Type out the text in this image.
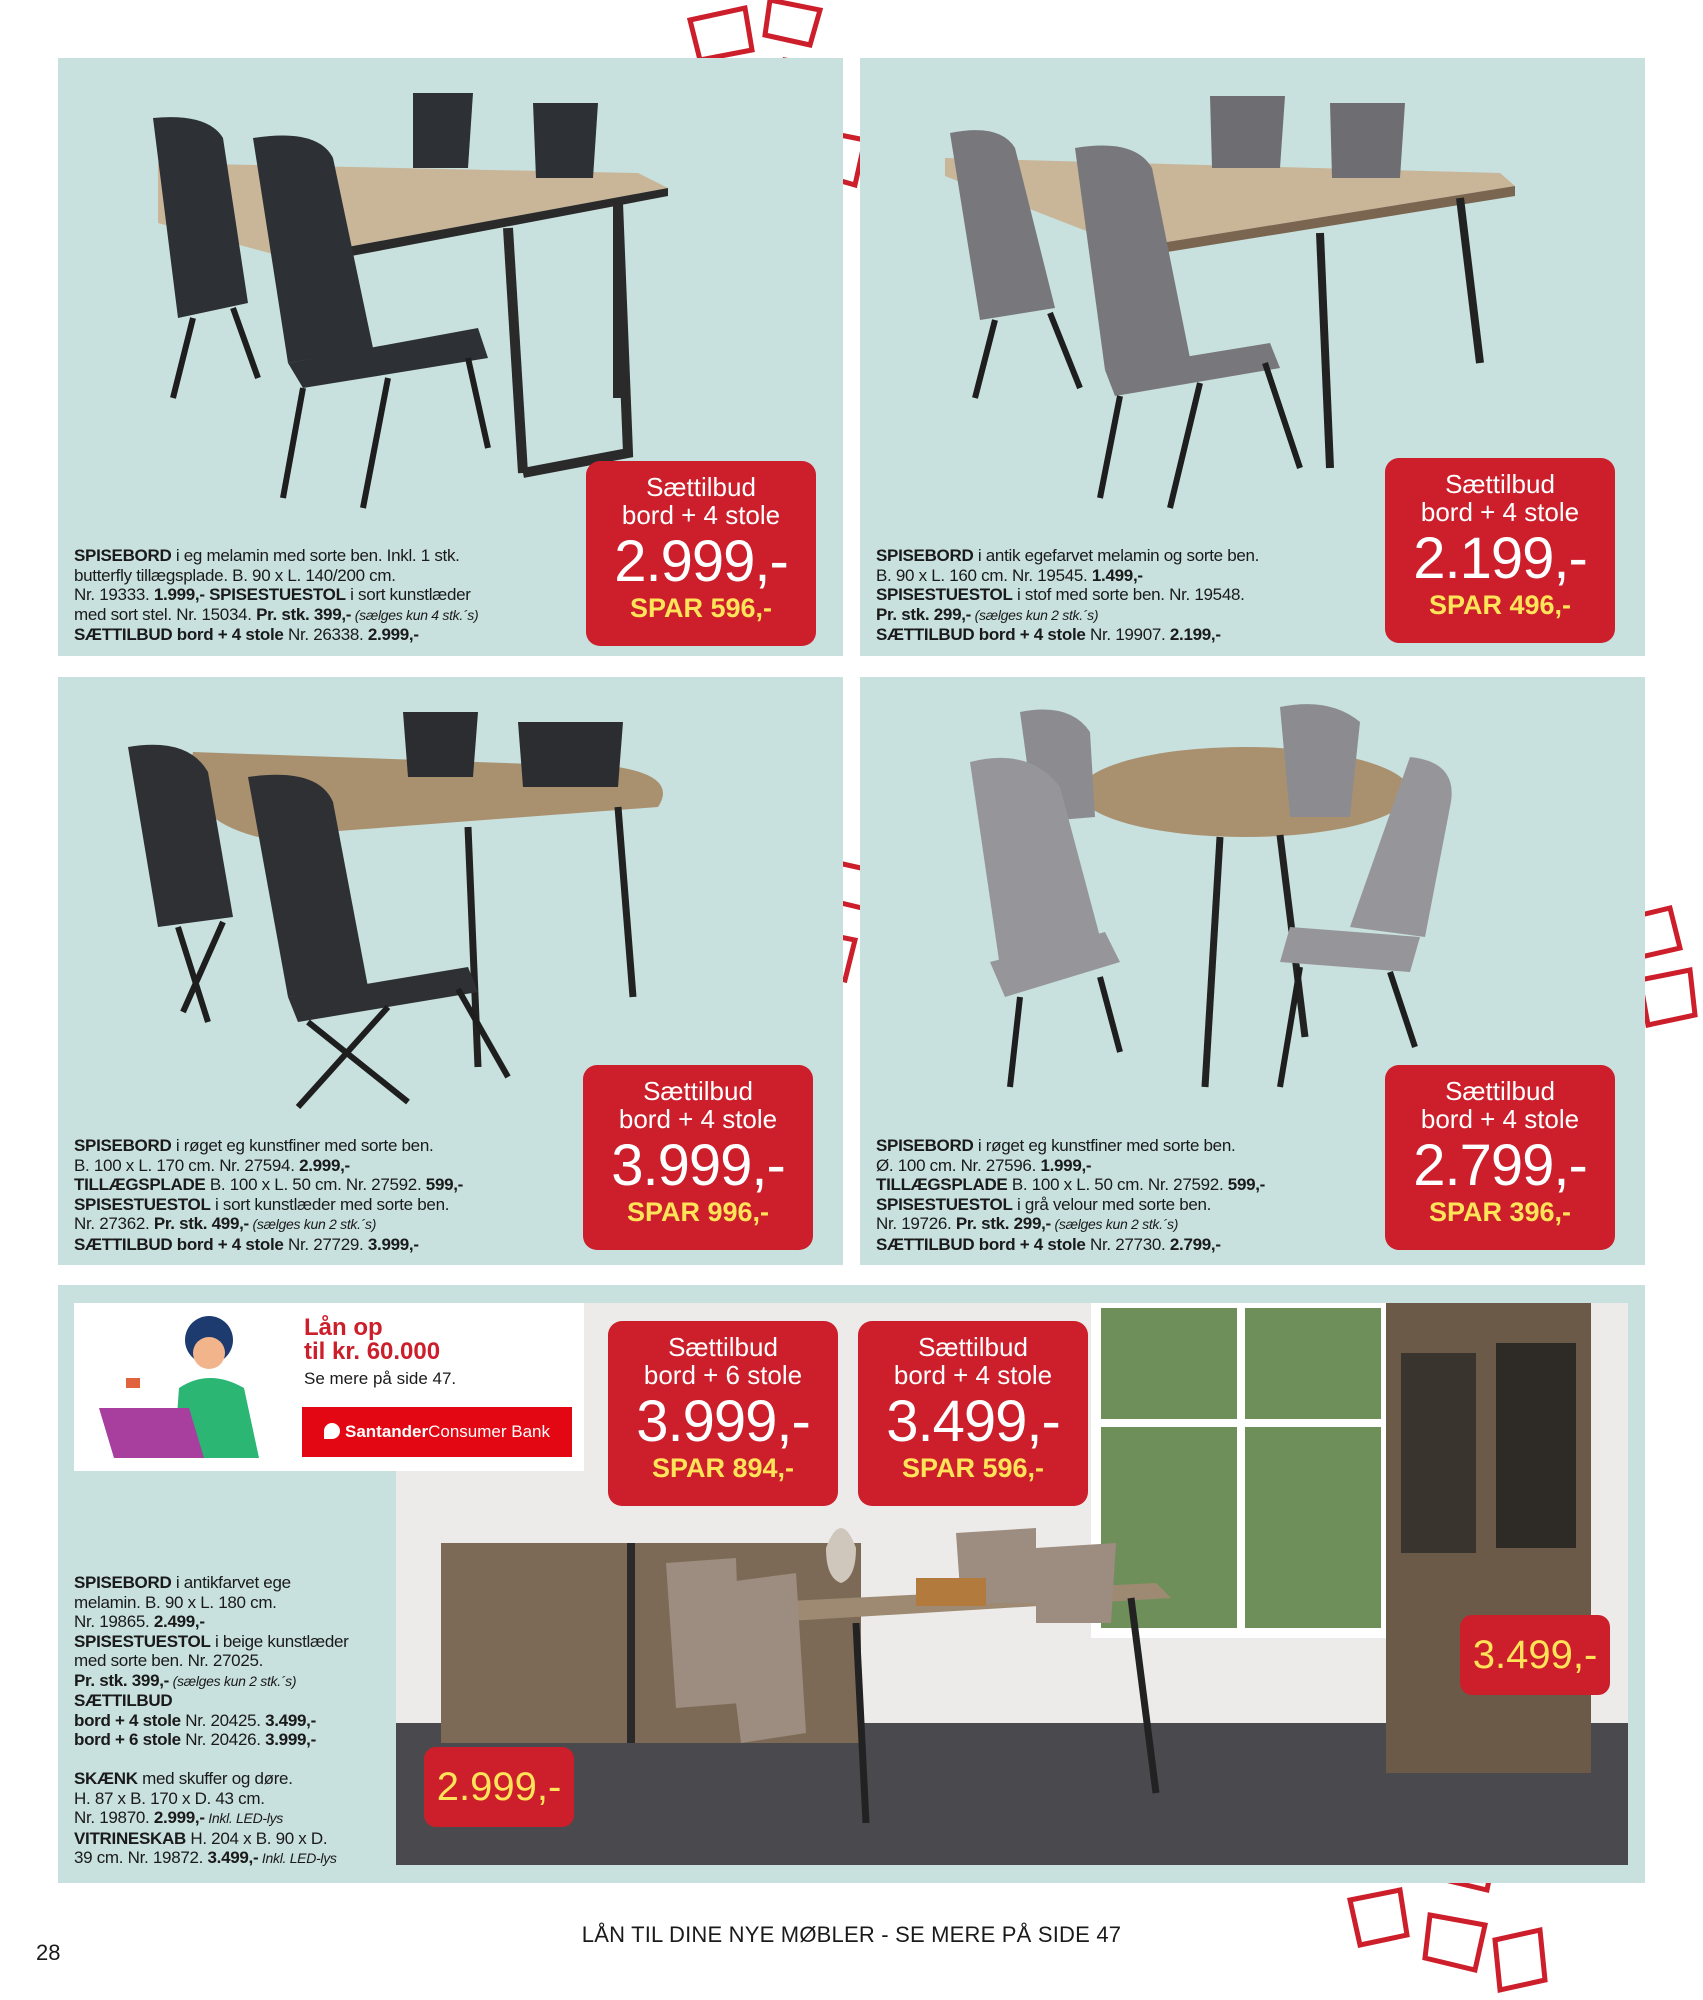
SPISEBORD i eg melamin med sorte ben. Inkl. 1 stk.
butterfly tillægsplade. B. 90 x L. 140/200 cm.
Nr. 19333. 1.999,- SPISESTUESTOL i sort kunstlæder
med sort stel. Nr. 15034. Pr. stk. 399,- (sælges kun 4 stk.´s)
SÆTTILBUD bord + 4 stole Nr. 26338. 2.999,-
Sættilbud
bord + 4 stole
2.999,-
SPAR 596,-
SPISEBORD i antik egefarvet melamin og sorte ben.
B. 90 x L. 160 cm. Nr. 19545. 1.499,-
SPISESTUESTOL i stof med sorte ben. Nr. 19548.
Pr. stk. 299,- (sælges kun 2 stk.´s)
SÆTTILBUD bord + 4 stole Nr. 19907. 2.199,-
Sættilbud
bord + 4 stole
2.199,-
SPAR 496,-
SPISEBORD i røget eg kunstfiner med sorte ben.
B. 100 x L. 170 cm. Nr. 27594. 2.999,-
TILLÆGSPLADE B. 100 x L. 50 cm. Nr. 27592. 599,-
SPISESTUESTOL i sort kunstlæder med sorte ben.
Nr. 27362. Pr. stk. 499,- (sælges kun 2 stk.´s)
SÆTTILBUD bord + 4 stole Nr. 27729. 3.999,-
Sættilbud
bord + 4 stole
3.999,-
SPAR 996,-
SPISEBORD i røget eg kunstfiner med sorte ben.
Ø. 100 cm. Nr. 27596. 1.999,-
TILLÆGSPLADE B. 100 x L. 50 cm. Nr. 27592. 599,-
SPISESTUESTOL i grå velour med sorte ben.
Nr. 19726. Pr. stk. 299,- (sælges kun 2 stk.´s)
SÆTTILBUD bord + 4 stole Nr. 27730. 2.799,-
Sættilbud
bord + 4 stole
2.799,-
SPAR 396,-
Lån op
til kr. 60.000
Se mere på side 47.
SantanderConsumer Bank
Sættilbud
bord + 6 stole
3.999,-
SPAR 894,-
Sættilbud
bord + 4 stole
3.499,-
SPAR 596,-
2.999,-
3.499,-
SPISEBORD i antikfarvet ege
melamin. B. 90 x L. 180 cm.
Nr. 19865. 2.499,-
SPISESTUESTOL i beige kunstlæder
med sorte ben. Nr. 27025.
Pr. stk. 399,- (sælges kun 2 stk.´s)
SÆTTILBUD
bord + 4 stole Nr. 20425. 3.499,-
bord + 6 stole Nr. 20426. 3.999,-

SKÆNK med skuffer og døre.
H. 87 x B. 170 x D. 43 cm.
Nr. 19870. 2.999,- Inkl. LED-lys
VITRINESKAB H. 204 x B. 90 x D.
39 cm. Nr. 19872. 3.499,- Inkl. LED-lys
LÅN TIL DINE NYE MØBLER - SE MERE PÅ SIDE 47
28
